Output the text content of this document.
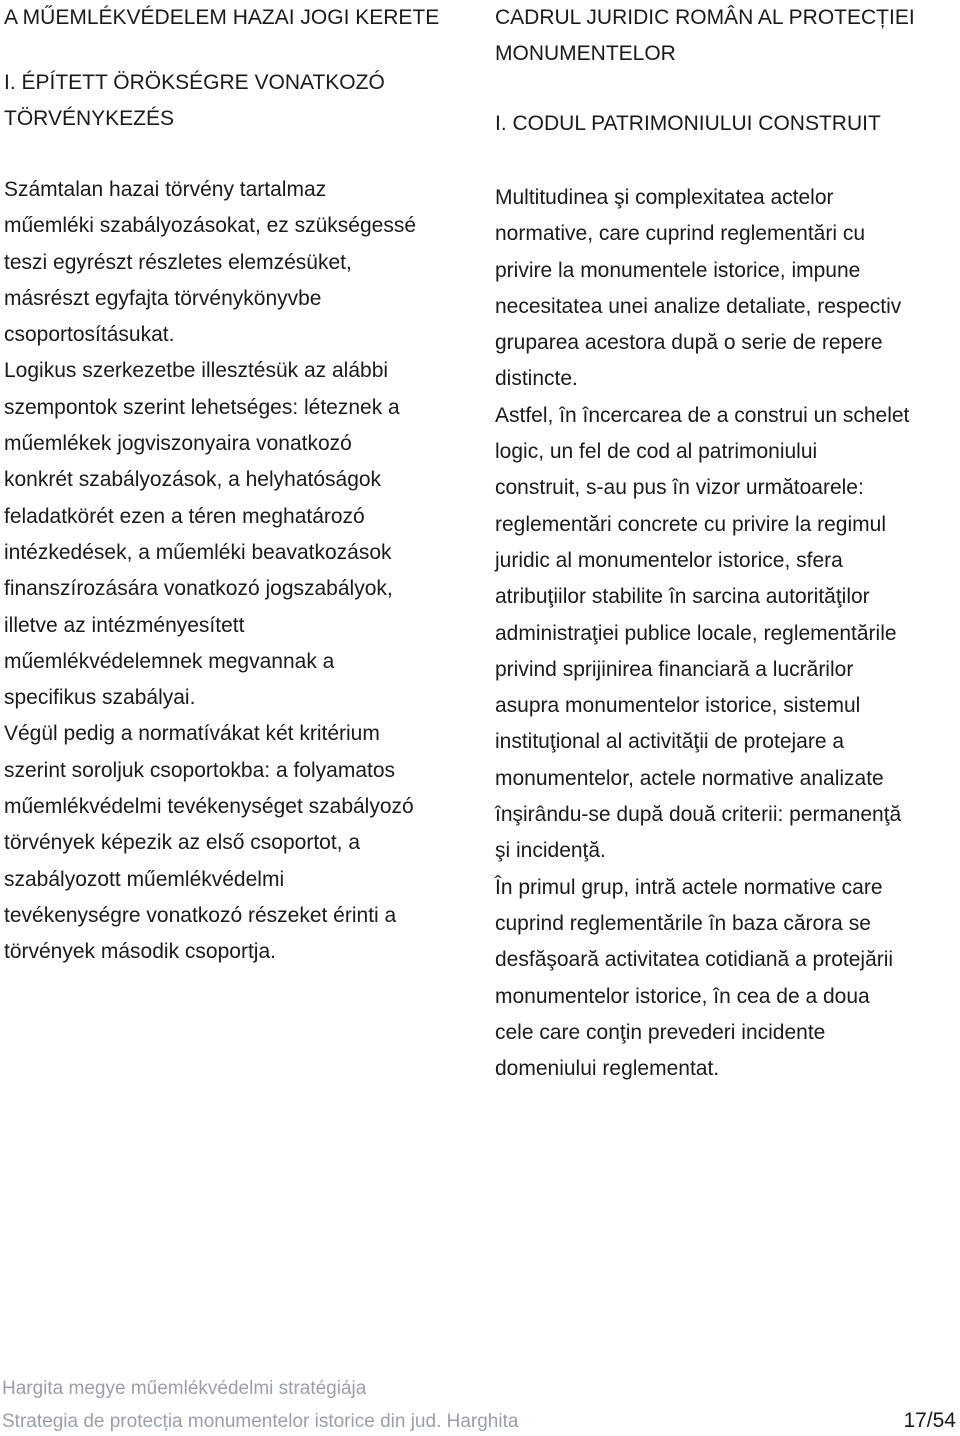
A MŰEMLÉKVÉDELEM HAZAI JOGI KERETE
I. ÉPÍTETT ÖRÖKSÉGRE VONATKOZÓ
TÖRVÉNYKEZÉS

Számtalan hazai törvény tartalmaz
műemléki szabályozásokat, ez szükségessé
teszi egyrészt részletes elemzésüket,
másrészt egyfajta törvénykönyvbe
csoportosításukat.

Logikus szerkezetbe illesztésük az alábbi
szempontok szerint lehetséges: léteznek a
műemlékek jogviszonyaira vonatkozó
konkrét szabályozások, a helyhatóságok
feladatkörét ezen a téren meghatározó
intézkedések, a műemléki beavatkozások
finanszírozására vonatkozó jogszabályok,
illetve az intézményesített
műemlékvédelemnek megvannak a
specifikus szabályai.

Végül pedig a normatívákat két kritérium
szerint soroljuk csoportokba: a folyamatos
műemlékvédelmi tevékenységet szabályozó
törvények képezik az első csoportot, a
szabályozott műemlékvédelmi
tevékenységre vonatkozó részeket érinti a
törvények második csoportja.

CADRUL JURIDIC ROMÂN AL PROTECȚIEI
MONUMENTELOR
I. CODUL PATRIMONIULUI CONSTRUIT

Multitudinea şi complexitatea actelor
normative, care cuprind reglementări cu
privire la monumentele istorice, impune
necesitatea unei analize detaliate, respectiv
gruparea acestora după o serie de repere
distincte.

Astfel, în încercarea de a construi un schelet
logic, un fel de cod al patrimoniului
construit, s-au pus în vizor următoarele:
reglementări concrete cu privire la regimul
juridic al monumentelor istorice, sfera
atribuţiilor stabilite în sarcina autorităţilor
administraţiei publice locale, reglementările
privind sprijinirea financiară a lucrărilor
asupra monumentelor istorice, sistemul
instituţional al activităţii de protejare a
monumentelor, actele normative analizate
înşirându-se după două criterii: permanenţă
şi incidenţă.

În primul grup, intră actele normative care
cuprind reglementările în baza cărora se
desfăşoară activitatea cotidiană a protejării
monumentelor istorice, în cea de a doua
cele care conţin prevederi incidente
domeniului reglementat.

Hargita megye műemlékvédelmi stratégiája
Strategia de protecția monumentelor istorice din jud. Harghita	17/54
